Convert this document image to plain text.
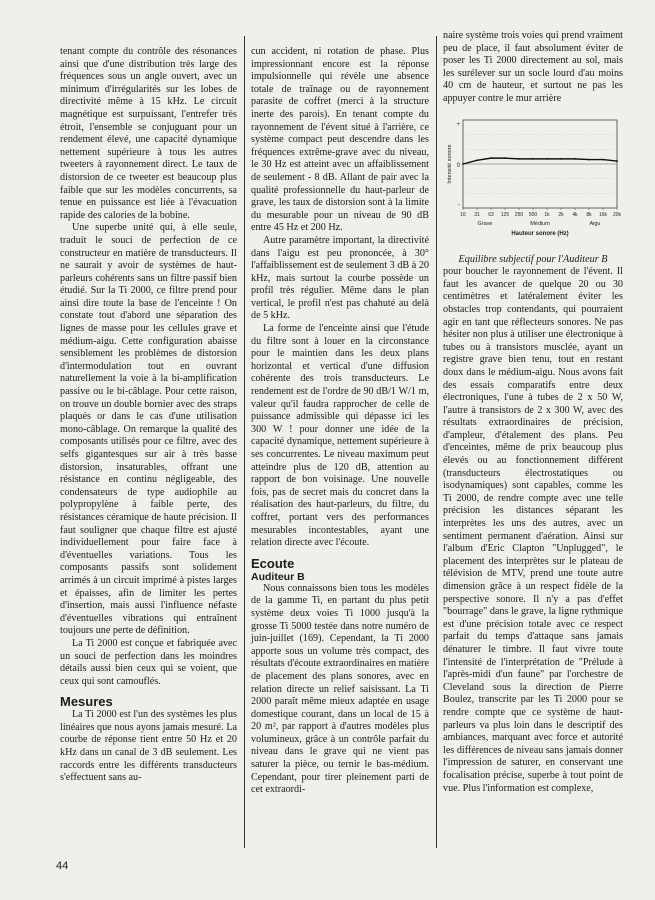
tenant compte du contrôle des résonances ainsi que d'une distribution très large des fréquences sous un angle ouvert, avec un minimum d'irrégularités sur les lobes de directivité même à 15 kHz. Le circuit magnétique est surpuissant, l'entrefer très étroit, l'ensemble se conjuguant pour un rendement élevé, une capacité dynamique nettement supérieure à tous les autres tweeters à rayonnement direct. Le taux de distorsion de ce tweeter est beaucoup plus faible que sur les modèles concurrents, sa tenue en puissance est liée à l'évacuation rapide des calories de la bobine.

Une superbe unité qui, à elle seule, traduit le souci de perfection de ce constructeur en matière de transducteurs. Il ne saurait y avoir de systèmes de haut-parleurs cohérents sans un filtre passif bien étudié. Sur la Ti 2000, ce filtre prend pour ainsi dire toute la base de l'enceinte ! On constate tout d'abord une séparation des lignes de masse pour les cellules grave et médium-aigu. Cette configuration abaisse sensiblement les problèmes de distorsion d'intermodulation tout en ouvrant naturellement la voie à la bi-amplification passive ou le bi-câblage. Pour cette raison, on trouve un double bornier avec des straps plaqués or dans le cas d'une utilisation mono-câblage. On remarque la qualité des composants utilisés pour ce filtre, avec des selfs gigantesques sur air à très basse distorsion, insaturables, offrant une résistance en continu négligeable, des condensateurs de type audiophile au polypropylène à faible perte, des résistances céramique de haute précision. Il faut souligner que chaque filtre est ajusté individuellement pour faire face à d'éventuelles variations. Tous les composants passifs sont solidement arrimés à un circuit imprimé à pistes larges et épaisses, afin de limiter les pertes d'insertion, mais aussi l'influence néfaste d'éventuelles vibrations qui entraînent toujours une perte de définition.

La Ti 2000 est conçue et fabriquée avec un souci de perfection dans les moindres détails aussi bien ceux qui se voient, que ceux qui sont camouflés.

Mesures

La Ti 2000 est l'un des systèmes les plus linéaires que nous ayons jamais mesuré. La courbe de réponse tient entre 50 Hz et 20 kHz dans un canal de 3 dB seulement. Les raccords entre les différents transducteurs s'effectuent sans au-

cun accident, ni rotation de phase. Plus impressionnant encore est la réponse impulsionnelle qui révèle une absence totale de traînage ou de rayonnement parasite de coffret (merci à la structure inerte des parois). En tenant compte du rayonnement de l'évent situé à l'arrière, ce système compact peut descendre dans les fréquences extrême-grave avec du niveau, le 30 Hz est atteint avec un affaiblissement de seulement - 8 dB. Allant de pair avec la qualité professionnelle du haut-parleur de grave, les taux de distorsion sont à la limite du mesurable pour un niveau de 90 dB entre 45 Hz et 200 Hz.

Autre paramètre important, la directivité dans l'aigu est peu prononcée, à 30° l'affaiblissement est de seulement 3 dB à 20 kHz, mais surtout la courbe possède un profil très régulier. Même dans le plan vertical, le profil n'est pas chahuté au delà de 5 kHz.

La forme de l'enceinte ainsi que l'étude du filtre sont à louer en la circonstance pour le maintien dans les deux plans horizontal et vertical d'une diffusion cohérente des trois transducteurs. Le rendement est de l'ordre de 90 dB/1 W/1 m, valeur qu'il faudra rapprocher de celle de puissance admissible qui dépasse ici les 300 W ! pour donner une idée de la capacité dynamique, nettement supérieure à ses concurrentes. Le niveau maximum peut atteindre plus de 120 dB, attention au rapport de bon voisinage. Une nouvelle fois, pas de secret mais du concret dans la réalisation des haut-parleurs, du filtre, du coffret, portant vers des performances mesurables incontestables, ayant une relation directe avec l'écoute.

Ecoute
Auditeur B

Nous connaissons bien tous les modèles de la gamme Ti, en partant du plus petit système deux voies Ti 1000 jusqu'à la grosse Ti 5000 testée dans notre numéro de juin-juillet (169). Cependant, la Ti 2000 apporte sous un volume très compact, des résultats d'écoute extraordinaires en matière de placement des plans sonores, avec en relation directe un relief saisissant. La Ti 2000 paraît même mieux adaptée en usage domestique courant, dans un local de 15 à 20 m², par rapport à d'autres modèles plus volumineux, grâce à un contrôle parfait du niveau dans le grave qui ne vient pas saturer la pièce, ou ternir le bas-médium. Cependant, pour tirer pleinement parti de cet extraordi-

naire système trois voies qui prend vraiment peu de place, il faut absolument éviter de poser les Ti 2000 directement au sol, mais les surélever sur un socle lourd d'au moins 40 cm de hauteur, et surtout ne pas les appuyer contre le mur arrière

+
0
-
Intensité sonore
16 31 63 125 250 500 1k 2k 4k 8k 16k 20k
Grave	Médium	Aigu
Hauteur sonore (Hz)

Equilibre subjectif pour l'Auditeur B

pour boucher le rayonnement de l'évent. Il faut les avancer de quelque 20 ou 30 centimètres et latéralement éviter les obstacles trop contendants, qui pourraient agir en tant que réflecteurs sonores. Ne pas hésiter non plus à utiliser une électronique à tubes ou à transistors musclée, ayant un registre grave bien tenu, tout en restant doux dans le médium-aigu. Nous avons fait des essais comparatifs entre deux électroniques, l'une à tubes de 2 x 50 W, l'autre à transistors de 2 x 300 W, avec des résultats extraordinaires de précision, d'ampleur, d'étalement des plans. Peu d'enceintes, même de prix beaucoup plus élevés ou au fonctionnement différent (transducteurs électrostatiques ou isodynamiques) sont capables, comme les Ti 2000, de rendre compte avec une telle précision les distances séparant les interprètes les uns des autres, avec un sentiment permanent d'aération. Ainsi sur l'album d'Eric Clapton "Unplugged", le placement des interprètes sur le plateau de télévision de MTV, prend une toute autre dimension grâce à un respect fidèle de la perspective sonore. Il n'y a pas d'effet "bourrage" dans le grave, la ligne rythmique est d'une précision totale avec ce respect parfait du temps d'attaque sans jamais dénaturer le timbre. Il faut vivre toute l'intensité de l'interprétation de "Prélude à l'après-midi d'un faune" par l'orchestre de Cleveland sous la direction de Pierre Boulez, transcrite par les Ti 2000 pour se rendre compte que ce système de haut-parleurs va plus loin dans le descriptif des ambiances, marquant avec force et autorité les différences de niveau sans jamais donner l'impression de saturer, en conservant une focalisation précise, superbe à tout point de vue. Plus l'information est complexe,

44
